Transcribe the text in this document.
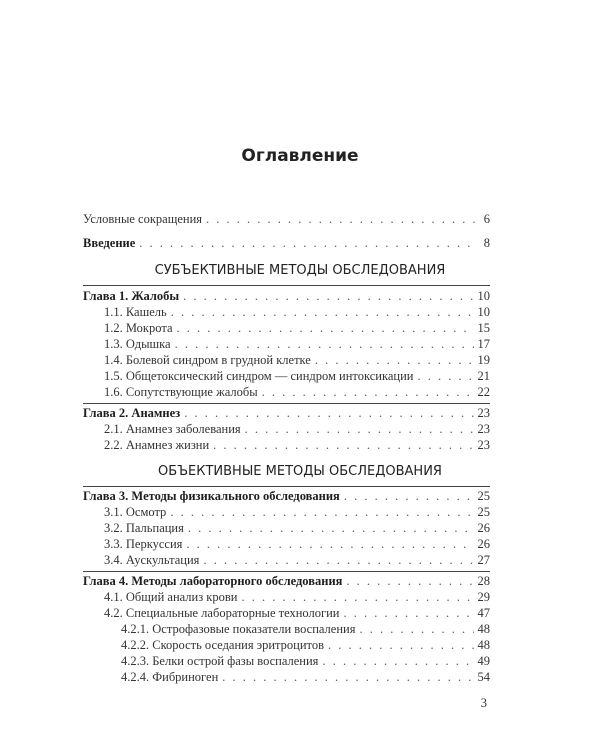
Оглавление
Условные сокращения . . .	6
Введение . . .	8
СУБЪЕКТИВНЫЕ МЕТОДЫ ОБСЛЕДОВАНИЯ
Глава 1. Жалобы . . .	10
1.1. Кашель . . .	10
1.2. Мокрота . . .	15
1.3. Одышка . . .	17
1.4. Болевой синдром в грудной клетке . . .	19
1.5. Общетоксический синдром — синдром интоксикации . . .	21
1.6. Сопутствующие жалобы . . .	22
Глава 2. Анамнез . . .	23
2.1. Анамнез заболевания . . .	23
2.2. Анамнез жизни . . .	23
ОБЪЕКТИВНЫЕ МЕТОДЫ ОБСЛЕДОВАНИЯ
Глава 3. Методы физикального обследования . . .	25
3.1. Осмотр . . .	25
3.2. Пальпация . . .	26
3.3. Перкуссия . . .	26
3.4. Аускультация . . .	27
Глава 4. Методы лабораторного обследования . . .	28
4.1. Общий анализ крови . . .	29
4.2. Специальные лабораторные технологии . . .	47
4.2.1. Острофазовые показатели воспаления . . .	48
4.2.2. Скорость оседания эритроцитов . . .	48
4.2.3. Белки острой фазы воспаления . . .	49
4.2.4. Фибриноген . . .	54
3
